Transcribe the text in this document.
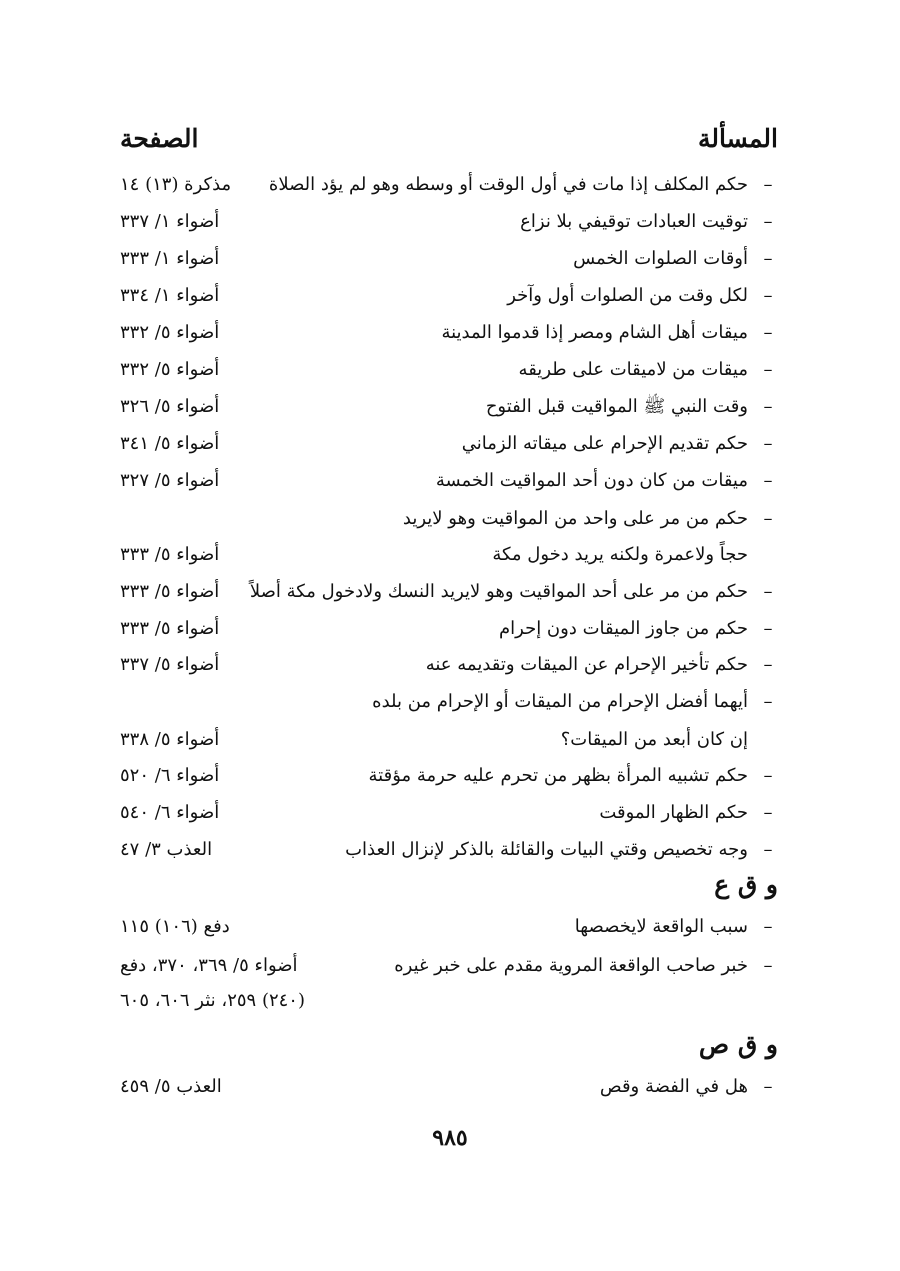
المسألة
الصفحة
–
حكم المكلف إذا مات في أول الوقت أو وسطه وهو لم يؤد الصلاة
مذكرة (١٣) ١٤
–
توقيت العبادات توقيفي بلا نزاع
أضواء ١/ ٣٣٧
–
أوقات الصلوات الخمس
أضواء ١/ ٣٣٣
–
لكل وقت من الصلوات أول وآخر
أضواء ١/ ٣٣٤
–
ميقات أهل الشام ومصر إذا قدموا المدينة
أضواء ٥/ ٣٣٢
–
ميقات من لاميقات على طريقه
أضواء ٥/ ٣٣٢
–
وقت النبي ﷺ المواقيت قبل الفتوح
أضواء ٥/ ٣٢٦
–
حكم تقديم الإحرام على ميقاته الزماني
أضواء ٥/ ٣٤١
–
ميقات من كان دون أحد المواقيت الخمسة
أضواء ٥/ ٣٢٧
–
حكم من مر على واحد من المواقيت وهو لايريد
حجاً ولاعمرة ولكنه يريد دخول مكة
أضواء ٥/ ٣٣٣
–
حكم من مر على أحد المواقيت وهو لايريد النسك ولادخول مكة أصلاً
أضواء ٥/ ٣٣٣
–
حكم من جاوز الميقات دون إحرام
أضواء ٥/ ٣٣٣
–
حكم تأخير الإحرام عن الميقات وتقديمه عنه
أضواء ٥/ ٣٣٧
–
أيهما أفضل الإحرام من الميقات أو الإحرام من بلده
إن كان أبعد من الميقات؟
أضواء ٥/ ٣٣٨
–
حكم تشبيه المرأة بظهر من تحرم عليه حرمة مؤقتة
أضواء ٦/ ٥٢٠
–
حكم الظهار الموقت
أضواء ٦/ ٥٤٠
–
وجه تخصيص وقتي البيات والقائلة بالذكر لإنزال العذاب
العذب ٣/ ٤٧
و ق ع
–
سبب الواقعة لايخصصها
دفع (١٠٦) ١١٥
–
خبر صاحب الواقعة المروية مقدم على خبر غيره
أضواء ٥/ ٣٦٩، ٣٧٠، دفع
(٢٤٠) ٢٥٩، نثر ٦٠٦، ٦٠٥
و ق ص
–
هل في الفضة وقص
العذب ٥/ ٤٥٩
٩٨٥
